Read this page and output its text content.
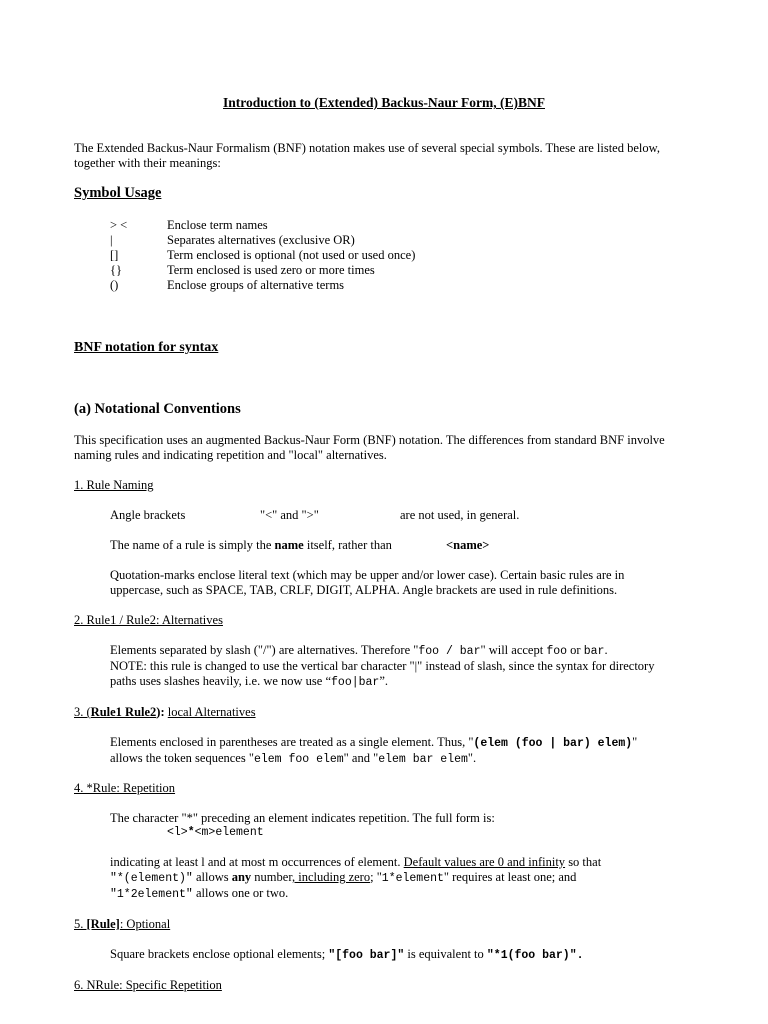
Introduction to (Extended) Backus-Naur Form, (E)BNF
The Extended Backus-Naur Formalism (BNF) notation makes use of several special symbols. These are listed below,
together with their meanings:
Symbol Usage
> <	Enclose term names
|	Separates alternatives (exclusive OR)
[]	Term enclosed is optional (not used or used once)
{}	Term enclosed is used zero or more times
()	Enclose groups of alternative terms
BNF notation for syntax
(a) Notational Conventions
This specification uses an augmented Backus-Naur Form (BNF) notation. The differences from standard BNF involve
naming rules and indicating repetition and "local" alternatives.
1. Rule Naming
Angle brackets	"<" and ">"	are not used, in general.
The name of a rule is simply the name itself, rather than	<name>
Quotation-marks enclose literal text (which may be upper and/or lower case). Certain basic rules are in
uppercase, such as SPACE, TAB, CRLF, DIGIT, ALPHA. Angle brackets are used in rule definitions.
2. Rule1 / Rule2: Alternatives
Elements separated by slash ("/") are alternatives. Therefore "foo / bar" will accept foo or bar.
NOTE: this rule is changed to use the vertical bar character "|" instead of slash, since the syntax for directory
paths uses slashes heavily, i.e. we now use “foo|bar”.
3. (Rule1 Rule2): local Alternatives
Elements enclosed in parentheses are treated as a single element. Thus, "(elem (foo | bar) elem)"
allows the token sequences "elem foo elem" and "elem bar elem".
4. *Rule: Repetition
The character "*" preceding an element indicates repetition. The full form is:
<l>*<m>element
indicating at least l and at most m occurrences of element. Default values are 0 and infinity so that
"*(element)" allows any number, including zero; "1*element" requires at least one; and
"1*2element" allows one or two.
5. [Rule]: Optional
Square brackets enclose optional elements; "[foo bar]" is equivalent to "*1(foo bar)".
6. NRule: Specific Repetition
